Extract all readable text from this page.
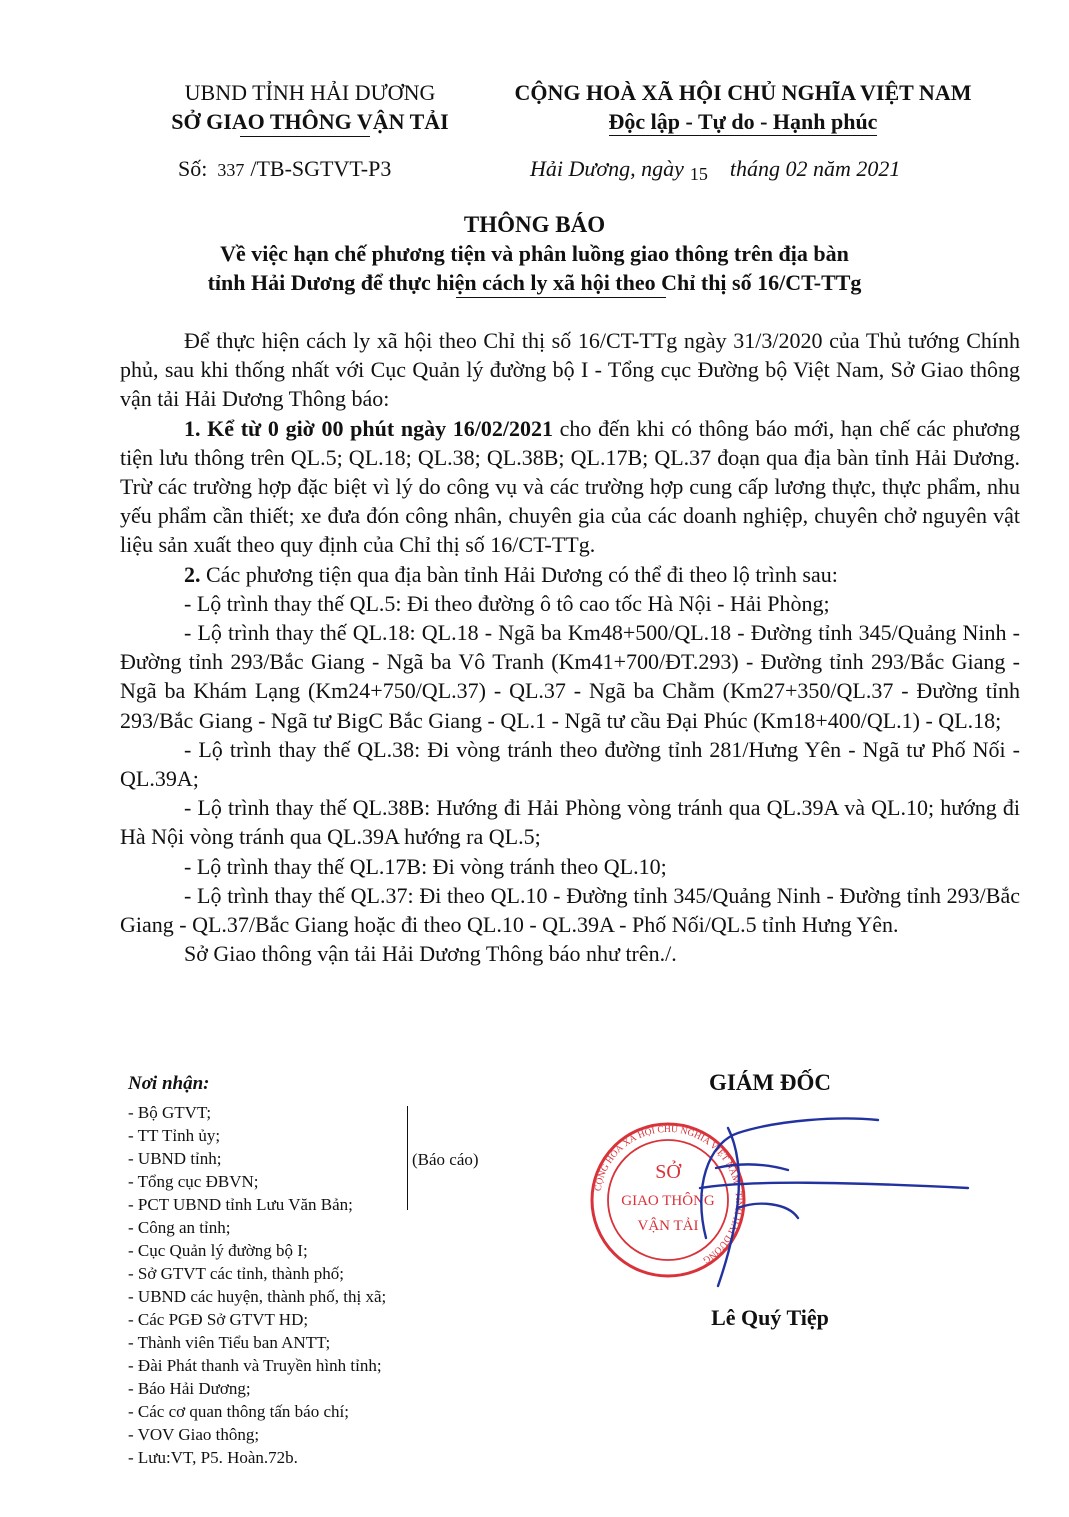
UBND TỈNH HẢI DƯƠNG
SỞ GIAO THÔNG VẬN TẢI
CỘNG HOÀ XÃ HỘI CHỦ NGHĨA VIỆT NAM
Độc lập - Tự do - Hạnh phúc
Số: 337 /TB-SGTVT-P3	Hải Dương, ngày 15 tháng 02 năm 2021
THÔNG BÁO
Về việc hạn chế phương tiện và phân luồng giao thông trên địa bàn
tỉnh Hải Dương để thực hiện cách ly xã hội theo Chỉ thị số 16/CT-TTg

Để thực hiện cách ly xã hội theo Chỉ thị số 16/CT-TTg ngày 31/3/2020 của Thủ tướng Chính phủ, sau khi thống nhất với Cục Quản lý đường bộ I - Tổng cục Đường bộ Việt Nam, Sở Giao thông vận tải Hải Dương Thông báo:

1. Kể từ 0 giờ 00 phút ngày 16/02/2021 cho đến khi có thông báo mới, hạn chế các phương tiện lưu thông trên QL.5; QL.18; QL.38; QL.38B; QL.17B; QL.37 đoạn qua địa bàn tỉnh Hải Dương. Trừ các trường hợp đặc biệt vì lý do công vụ và các trường hợp cung cấp lương thực, thực phẩm, nhu yếu phẩm cần thiết; xe đưa đón công nhân, chuyên gia của các doanh nghiệp, chuyên chở nguyên vật liệu sản xuất theo quy định của Chỉ thị số 16/CT-TTg.

2. Các phương tiện qua địa bàn tỉnh Hải Dương có thể đi theo lộ trình sau:

- Lộ trình thay thế QL.5: Đi theo đường ô tô cao tốc Hà Nội - Hải Phòng;

- Lộ trình thay thế QL.18: QL.18 - Ngã ba Km48+500/QL.18 - Đường tỉnh 345/Quảng Ninh - Đường tỉnh 293/Bắc Giang - Ngã ba Vô Tranh (Km41+700/ĐT.293) - Đường tỉnh 293/Bắc Giang - Ngã ba Khám Lạng (Km24+750/QL.37) - QL.37 - Ngã ba Chằm (Km27+350/QL.37 - Đường tỉnh 293/Bắc Giang - Ngã tư BigC Bắc Giang - QL.1 - Ngã tư cầu Đại Phúc (Km18+400/QL.1) - QL.18;

- Lộ trình thay thế QL.38: Đi vòng tránh theo đường tỉnh 281/Hưng Yên - Ngã tư Phố Nối - QL.39A;

- Lộ trình thay thế QL.38B: Hướng đi Hải Phòng vòng tránh qua QL.39A và QL.10; hướng đi Hà Nội vòng tránh qua QL.39A hướng ra QL.5;

- Lộ trình thay thế QL.17B: Đi vòng tránh theo QL.10;

- Lộ trình thay thế QL.37: Đi theo QL.10 - Đường tỉnh 345/Quảng Ninh - Đường tỉnh 293/Bắc Giang - QL.37/Bắc Giang hoặc đi theo QL.10 - QL.39A - Phố Nối/QL.5 tỉnh Hưng Yên.

Sở Giao thông vận tải Hải Dương Thông báo như trên./.

Nơi nhận:
- Bộ GTVT;
- TT Tỉnh ủy;
- UBND tỉnh;
- Tổng cục ĐBVN;
- PCT UBND tỉnh Lưu Văn Bản;
- Công an tỉnh;
- Cục Quản lý đường bộ I;
- Sở GTVT các tỉnh, thành phố;
- UBND các huyện, thành phố, thị xã;
- Các PGĐ Sở GTVT HD;
- Thành viên Tiểu ban ANTT;
- Đài Phát thanh và Truyền hình tỉnh;
- Báo Hải Dương;
- Các cơ quan thông tấn báo chí;
- VOV Giao thông;
- Lưu:VT, P5. Hoàn.72b.
(Báo cáo)
GIÁM ĐỐC
CỘNG HOÀ XÃ HỘI CHỦ NGHĨA VIỆT NAM · TỈNH HẢI DƯƠNG
SỞ
GIAO THÔNG
VẬN TẢI
Lê Quý Tiệp
